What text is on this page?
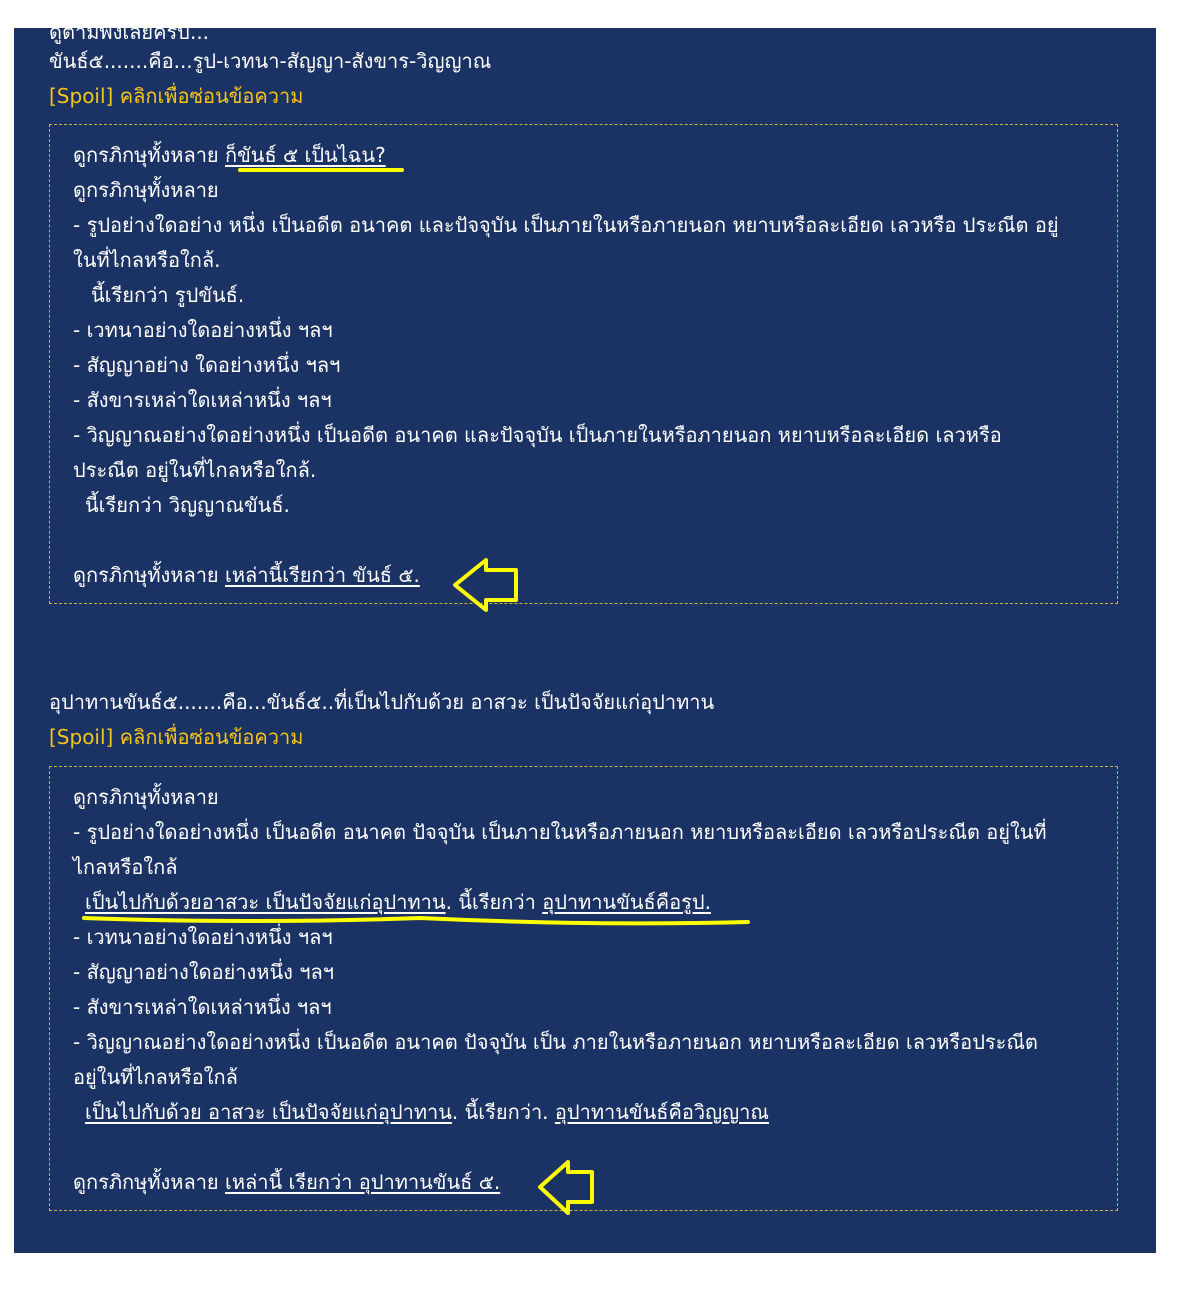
ดูตามพงเลยครบ...
ขันธ์๕.......คือ...รูป-เวทนา-สัญญา-สังขาร-วิญญาณ
[Spoil] คลิกเพื่อซ่อนข้อความ
ดูกรภิกษุทั้งหลาย ก็ขันธ์ ๕ เป็นไฉน?
ดูกรภิกษุทั้งหลาย
- รูปอย่างใดอย่าง หนึ่ง เป็นอดีต อนาคต และปัจจุบัน เป็นภายในหรือภายนอก หยาบหรือละเอียด เลวหรือ ประณีต อยู่
ในที่ไกลหรือใกล้.
นี้เรียกว่า รูปขันธ์.
- เวทนาอย่างใดอย่างหนึ่ง ฯลฯ
- สัญญาอย่าง ใดอย่างหนึ่ง ฯลฯ
- สังขารเหล่าใดเหล่าหนึ่ง ฯลฯ
- วิญญาณอย่างใดอย่างหนึ่ง เป็นอดีต อนาคต และปัจจุบัน เป็นภายในหรือภายนอก หยาบหรือละเอียด เลวหรือ
ประณีต อยู่ในที่ไกลหรือใกล้.
นี้เรียกว่า วิญญาณขันธ์.
ดูกรภิกษุทั้งหลาย เหล่านี้เรียกว่า ขันธ์ ๕.
อุปาทานขันธ์๕.......คือ...ขันธ์๕..ที่เป็นไปกับด้วย อาสวะ เป็นปัจจัยแก่อุปาทาน
[Spoil] คลิกเพื่อซ่อนข้อความ
ดูกรภิกษุทั้งหลาย
- รูปอย่างใดอย่างหนึ่ง เป็นอดีต อนาคต ปัจจุบัน เป็นภายในหรือภายนอก หยาบหรือละเอียด เลวหรือประณีต อยู่ในที่
ไกลหรือใกล้
เป็นไปกับด้วยอาสวะ เป็นปัจจัยแก่อุปาทาน. นี้เรียกว่า อุปาทานขันธ์คือรูป.
- เวทนาอย่างใดอย่างหนึ่ง ฯลฯ
- สัญญาอย่างใดอย่างหนึ่ง ฯลฯ
- สังขารเหล่าใดเหล่าหนึ่ง ฯลฯ
- วิญญาณอย่างใดอย่างหนึ่ง เป็นอดีต อนาคต ปัจจุบัน เป็น ภายในหรือภายนอก หยาบหรือละเอียด เลวหรือประณีต
อยู่ในที่ไกลหรือใกล้
เป็นไปกับด้วย อาสวะ เป็นปัจจัยแก่อุปาทาน. นี้เรียกว่า. อุปาทานขันธ์คือวิญญาณ
ดูกรภิกษุทั้งหลาย เหล่านี้ เรียกว่า อุปาทานขันธ์ ๕.
